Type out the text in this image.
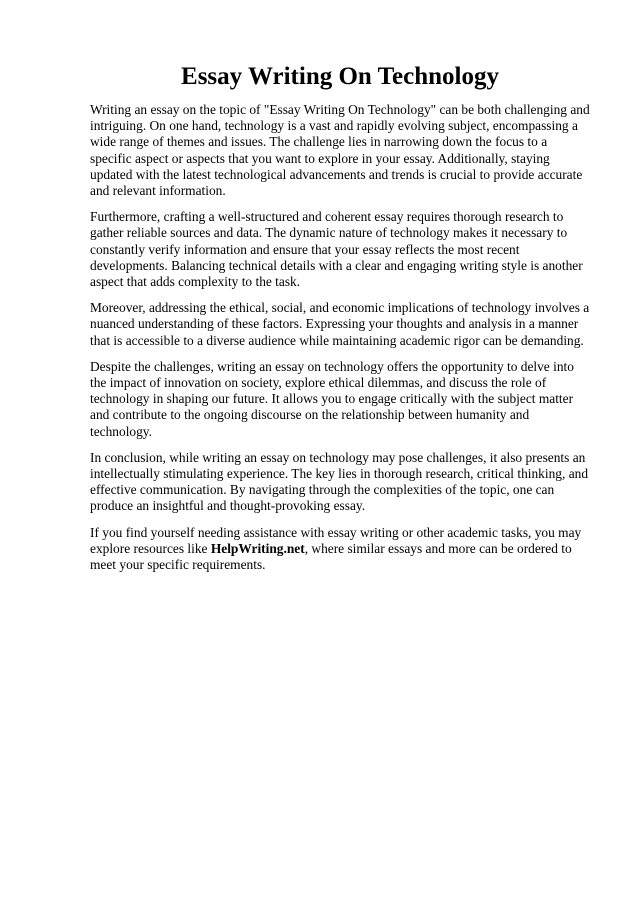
Essay Writing On Technology

Writing an essay on the topic of "Essay Writing On Technology" can be both challenging and intriguing. On one hand, technology is a vast and rapidly evolving subject, encompassing a wide range of themes and issues. The challenge lies in narrowing down the focus to a specific aspect or aspects that you want to explore in your essay. Additionally, staying updated with the latest technological advancements and trends is crucial to provide accurate and relevant information.

Furthermore, crafting a well-structured and coherent essay requires thorough research to gather reliable sources and data. The dynamic nature of technology makes it necessary to constantly verify information and ensure that your essay reflects the most recent developments. Balancing technical details with a clear and engaging writing style is another aspect that adds complexity to the task.

Moreover, addressing the ethical, social, and economic implications of technology involves a nuanced understanding of these factors. Expressing your thoughts and analysis in a manner that is accessible to a diverse audience while maintaining academic rigor can be demanding.

Despite the challenges, writing an essay on technology offers the opportunity to delve into the impact of innovation on society, explore ethical dilemmas, and discuss the role of technology in shaping our future. It allows you to engage critically with the subject matter and contribute to the ongoing discourse on the relationship between humanity and technology.

In conclusion, while writing an essay on technology may pose challenges, it also presents an intellectually stimulating experience. The key lies in thorough research, critical thinking, and effective communication. By navigating through the complexities of the topic, one can produce an insightful and thought-provoking essay.

If you find yourself needing assistance with essay writing or other academic tasks, you may explore resources like HelpWriting.net, where similar essays and more can be ordered to meet your specific requirements.
